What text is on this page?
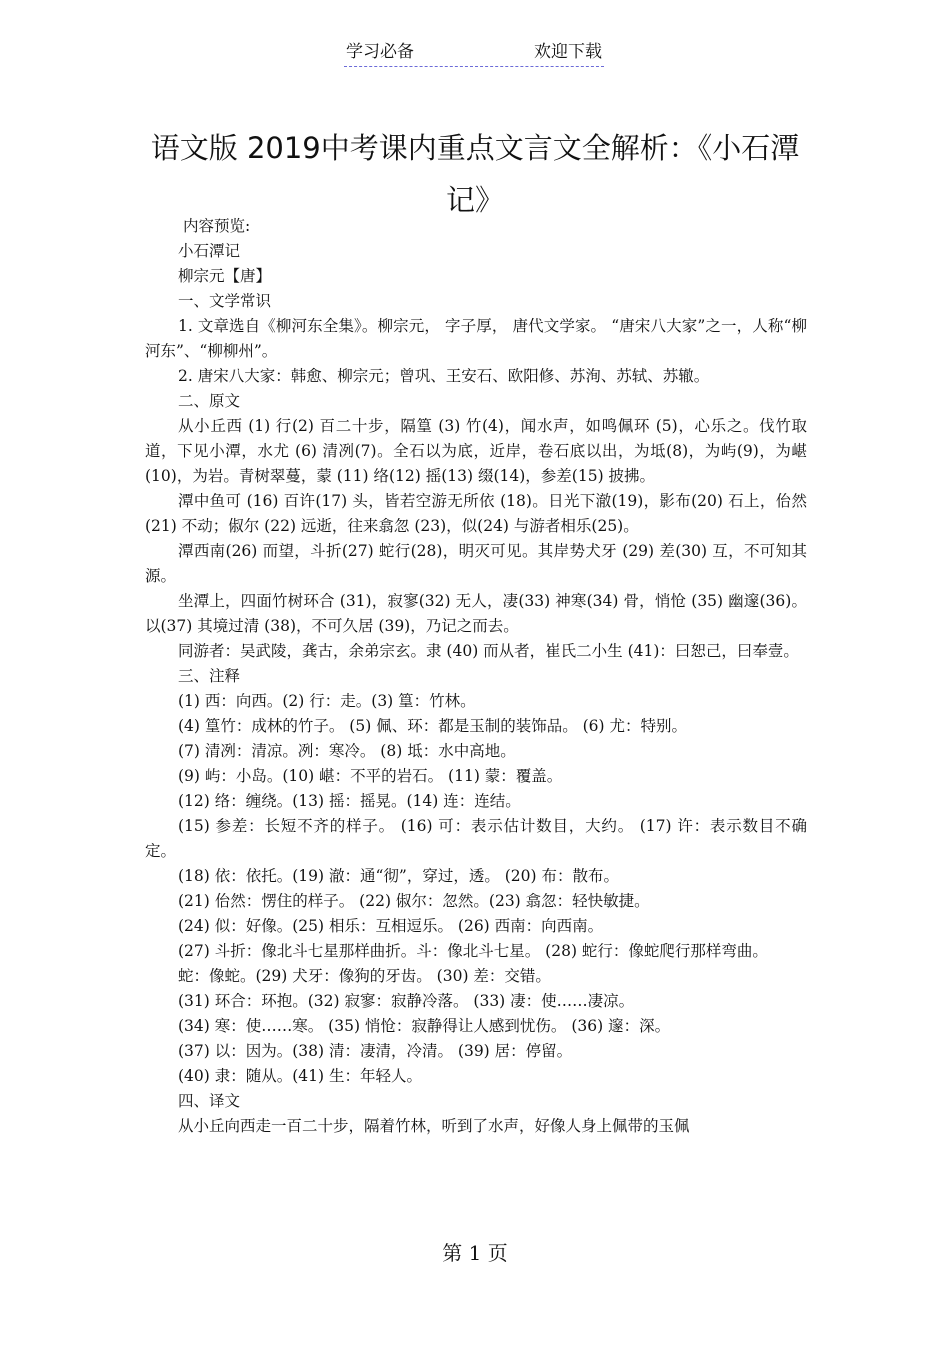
学习必备	欢迎下载
语文版 2019中考课内重点文言文全解析：《小石潭记》

内容预览:

小石潭记

柳宗元【唐】

一、文学常识

1. 文章选自《柳河东全集》。柳宗元， 字子厚， 唐代文学家。 “唐宋八大家”之一，人称“柳河东”、“柳柳州”。

2. 唐宋八大家：韩愈、柳宗元；曾巩、王安石、欧阳修、苏洵、苏轼、苏辙。

二、原文

从小丘西 (1) 行(2) 百二十步，隔篁 (3) 竹(4)，闻水声，如鸣佩环 (5)，心乐之。伐竹取道，下见小潭，水尤 (6) 清冽(7)。全石以为底，近岸，卷石底以出，为坻(8)，为屿(9)，为嵁(10)，为岩。青树翠蔓，蒙 (11) 络(12) 摇(13) 缀(14)，参差(15) 披拂。

潭中鱼可 (16) 百许(17) 头，皆若空游无所依 (18)。日光下澈(19)，影布(20) 石上，佁然 (21) 不动；俶尔 (22) 远逝，往来翕忽 (23)，似(24) 与游者相乐(25)。

潭西南(26) 而望，斗折(27) 蛇行(28)，明灭可见。其岸势犬牙 (29) 差(30) 互，不可知其源。

坐潭上，四面竹树环合 (31)，寂寥(32) 无人，凄(33) 神寒(34) 骨，悄怆 (35) 幽邃(36)。以(37) 其境过清 (38)，不可久居 (39)，乃记之而去。

同游者：吴武陵，龚古，余弟宗玄。隶 (40) 而从者，崔氏二小生 (41)：曰恕己，曰奉壹。

三、注释

(1) 西：向西。(2) 行：走。(3) 篁：竹林。

(4) 篁竹：成林的竹子。 (5) 佩、环：都是玉制的装饰品。 (6) 尤：特别。

(7) 清冽：清凉。冽：寒冷。 (8) 坻：水中高地。

(9) 屿：小岛。(10) 嵁：不平的岩石。 (11) 蒙：覆盖。

(12) 络：缠绕。(13) 摇：摇晃。(14) 连：连结。

(15) 参差：长短不齐的样子。 (16) 可：表示估计数目，大约。 (17) 许：表示数目不确定。

(18) 依：依托。(19) 澈：通“彻”，穿过，透。 (20) 布：散布。

(21) 佁然：愣住的样子。 (22) 俶尔：忽然。(23) 翕忽：轻快敏捷。

(24) 似：好像。(25) 相乐：互相逗乐。 (26) 西南：向西南。

(27) 斗折：像北斗七星那样曲折。斗：像北斗七星。 (28) 蛇行：像蛇爬行那样弯曲。

蛇：像蛇。(29) 犬牙：像狗的牙齿。 (30) 差：交错。

(31) 环合：环抱。(32) 寂寥：寂静冷落。 (33) 凄：使……凄凉。

(34) 寒：使……寒。 (35) 悄怆：寂静得让人感到忧伤。 (36) 邃：深。

(37) 以：因为。(38) 清：凄清，冷清。 (39) 居：停留。

(40) 隶：随从。(41) 生：年轻人。

四、译文

从小丘向西走一百二十步，隔着竹林，听到了水声，好像人身上佩带的玉佩

第 1 页
